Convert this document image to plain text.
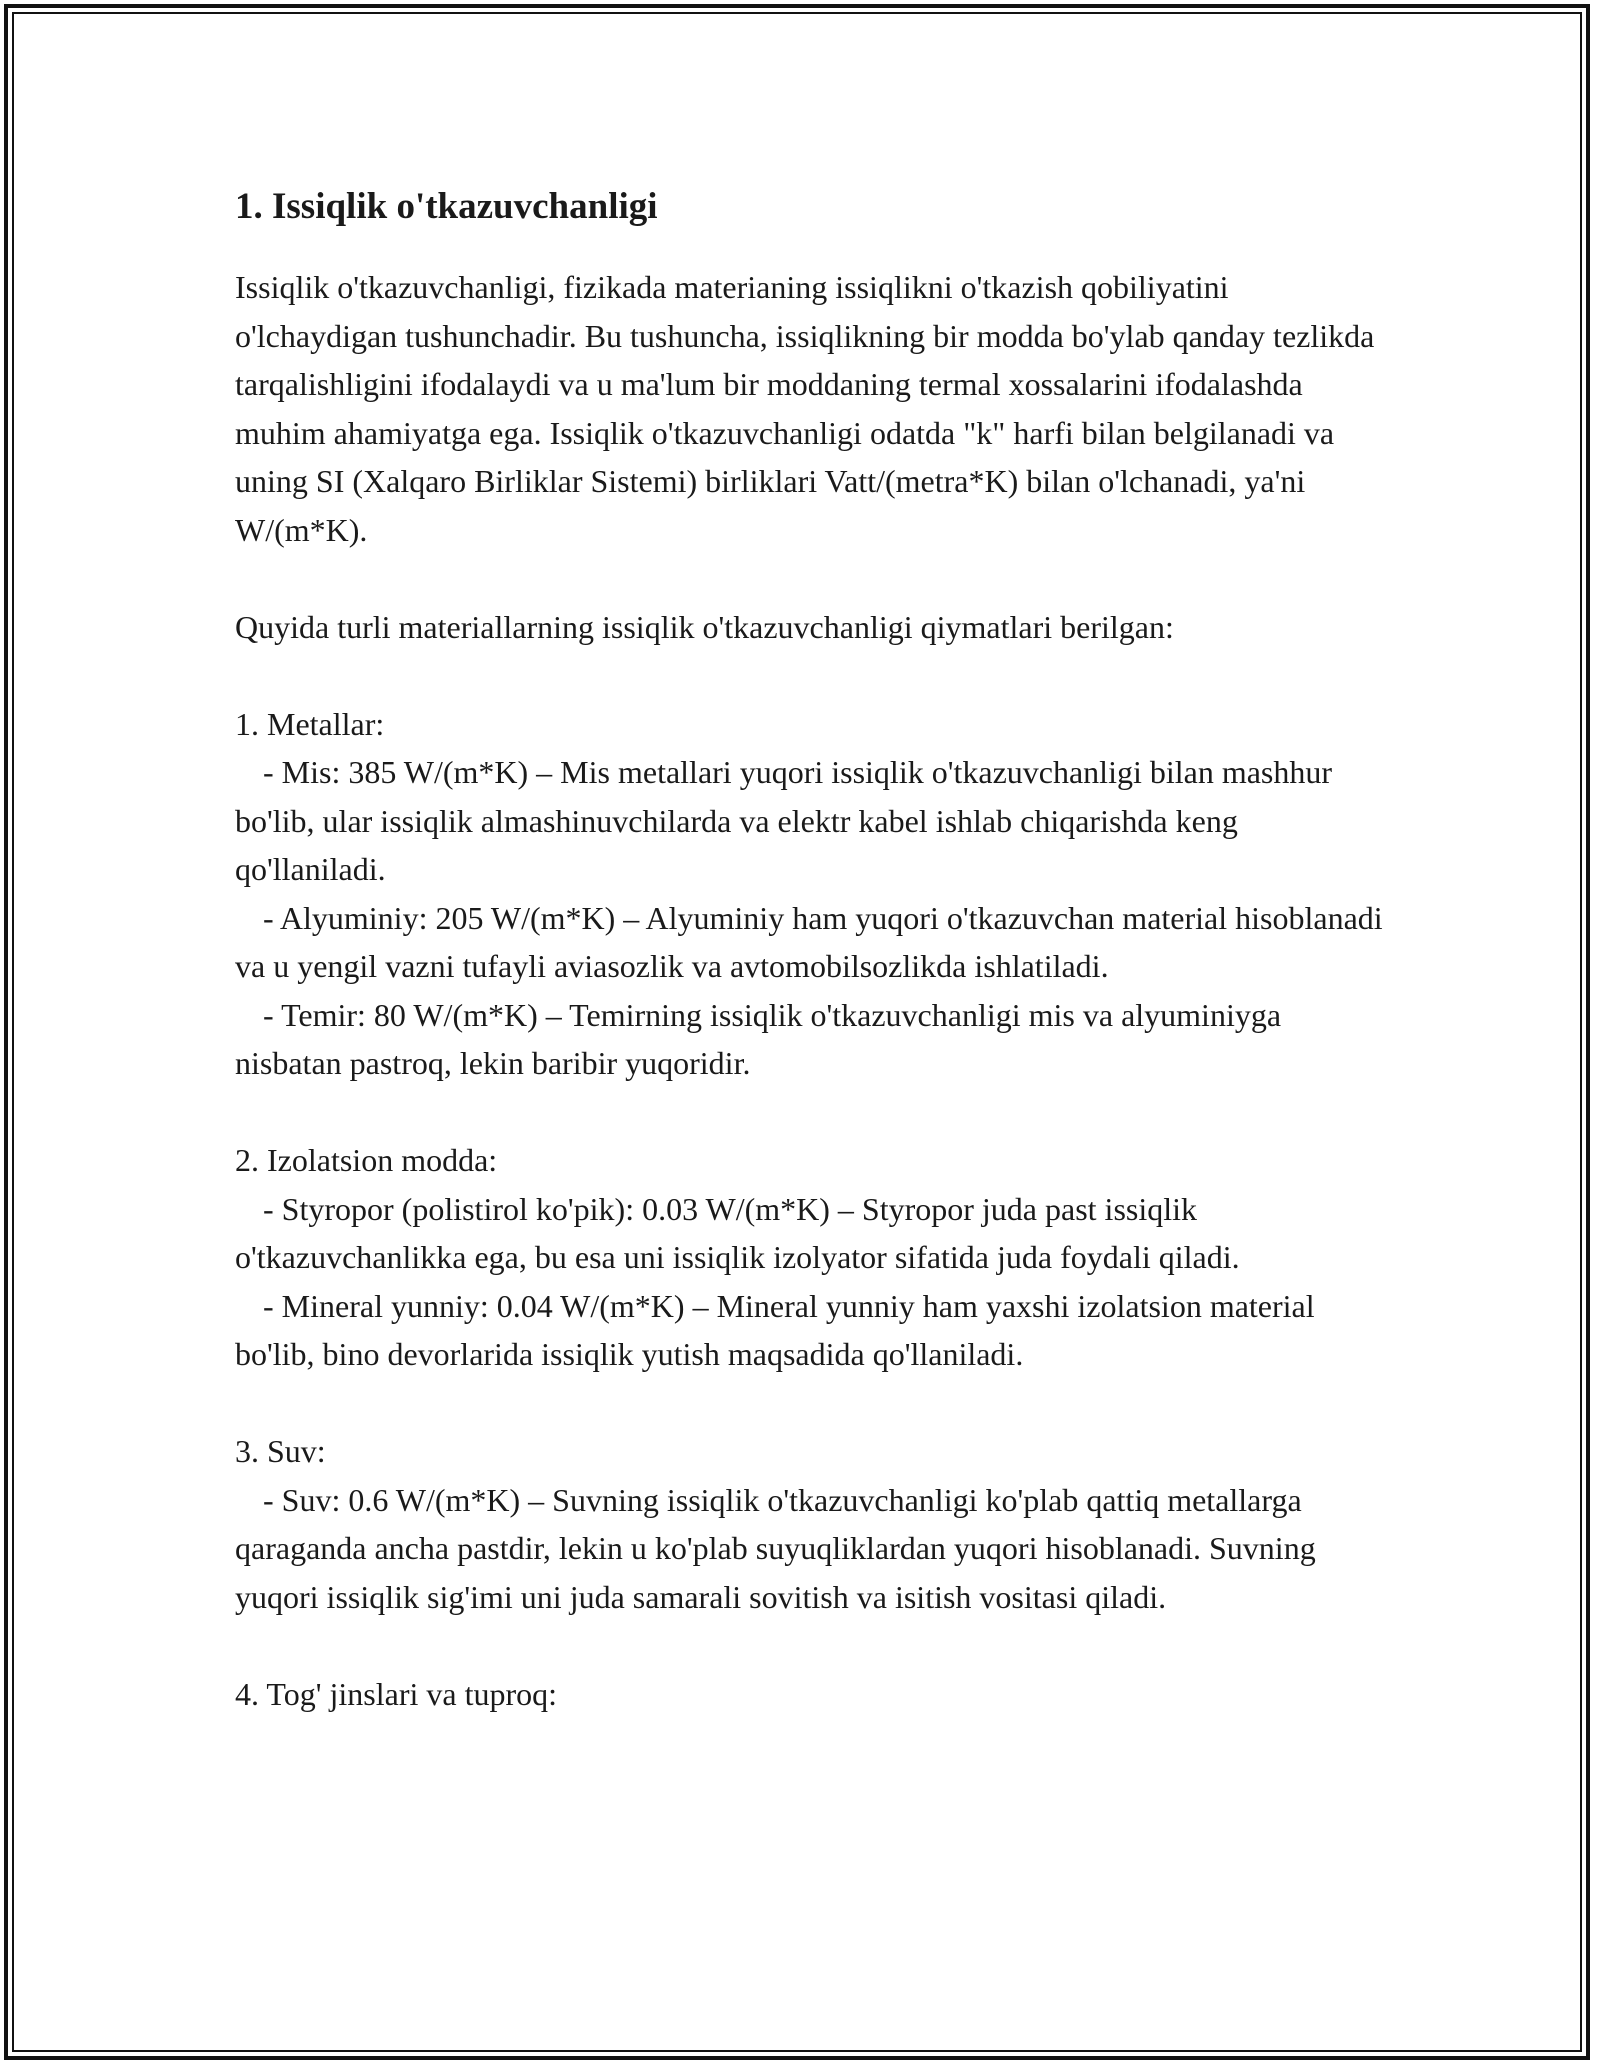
1. Issiqlik o'tkazuvchanligi

Issiqlik o'tkazuvchanligi, fizikada materianing issiqlikni o'tkazish qobiliyatini o'lchaydigan tushunchadir. Bu tushuncha, issiqlikning bir modda bo'ylab qanday tezlikda tarqalishligini ifodalaydi va u ma'lum bir moddaning termal xossalarini ifodalashda muhim ahamiyatga ega. Issiqlik o'tkazuvchanligi odatda "k" harfi bilan belgilanadi va uning SI (Xalqaro Birliklar Sistemi) birliklari Vatt/(metra*K) bilan o'lchanadi, ya'ni W/(m*K).

Quyida turli materiallarning issiqlik o'tkazuvchanligi qiymatlari berilgan:

1. Metallar:

- Mis: 385 W/(m*K) – Mis metallari yuqori issiqlik o'tkazuvchanligi bilan mashhur bo'lib, ular issiqlik almashinuvchilarda va elektr kabel ishlab chiqarishda keng qo'llaniladi.

- Alyuminiy: 205 W/(m*K) – Alyuminiy ham yuqori o'tkazuvchan material hisoblanadi va u yengil vazni tufayli aviasozlik va avtomobilsozlikda ishlatiladi.

- Temir: 80 W/(m*K) – Temirning issiqlik o'tkazuvchanligi mis va alyuminiyga nisbatan pastroq, lekin baribir yuqoridir.

2. Izolatsion modda:

- Styropor (polistirol ko'pik): 0.03 W/(m*K) – Styropor juda past issiqlik o'tkazuvchanlikka ega, bu esa uni issiqlik izolyator sifatida juda foydali qiladi.

- Mineral yunniy: 0.04 W/(m*K) – Mineral yunniy ham yaxshi izolatsion material bo'lib, bino devorlarida issiqlik yutish maqsadida qo'llaniladi.

3. Suv:

- Suv: 0.6 W/(m*K) – Suvning issiqlik o'tkazuvchanligi ko'plab qattiq metallarga qaraganda ancha pastdir, lekin u ko'plab suyuqliklardan yuqori hisoblanadi. Suvning yuqori issiqlik sig'imi uni juda samarali sovitish va isitish vositasi qiladi.

4. Tog' jinslari va tuproq:
